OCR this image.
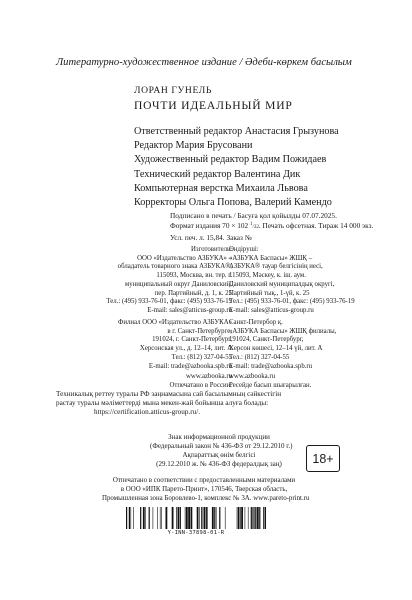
Литературно-художественное издание / Әдеби-көркем басылым
ЛОРАН ГУНЕЛЬ
ПОЧТИ ИДЕАЛЬНЫЙ МИР
Ответственный редактор Анастасия Грызунова
Редактор Мария Брусовани
Художественный редактор Вадим Пожидаев
Технический редактор Валентина Дик
Компьютерная верстка Михаила Львова
Корректоры Ольга Попова, Валерий Камендо
Подписано в печать / Басуға қол қойылды 07.07.2025.
Формат издания 70 × 102 $^1$/32. Печать офсетная. Тираж 14 000 экз.
Усл. печ. л. 15,84. Заказ №
Изготовитель:
ООО «Издательство АЗБУКА» –
обладатель товарного знака АЗБУКА®,
115093, Москва, вн. тер. г.
муниципальный округ Даниловский,
пер. Партийный, д. 1, к. 25
Тел.: (495) 933-76-01, факс: (495) 933-76-19
E-mail: sales@atticus-group.ru
Өндіруші:
«АЗБУКА Баспасы» ЖШҚ –
АЗБУКА® тауар белгісінің иесі,
115093, Мәскеу, к. іш. аум.
Даниловский муниципалдық округі,
Партийный тық., 1-үй, к. 25
Тел.: (495) 933-76-01, факс: (495) 933-76-19
E-mail: sales@atticus-group.ru
Филиал ООО «Издательство АЗБУКА»
в г. Санкт-Петербурге,
191024, г. Санкт-Петербург,
Херсонская ул., д. 12–14, лит. А
Тел.: (812) 327-04-55
E-mail: trade@azbooka.spb.ru
Санкт-Петербор қ.
«АЗБУКА Баспасы» ЖШҚ филиалы,
191024, Санкт-Петербург,
Херсон көшесі, 12–14 үй, лит. А
Тел.: (812) 327-04-55
E-mail: trade@azbooka.spb.ru
www.azbooka.ru
Отпечатано в России.
www.azbooka.ru
Ресейде басып шығарылған.
Техникалық реттеу туралы РФ заңнамасына сай басылымның сәйкестігін
растау туралы мәліметтерді мына мекен-жай бойынша алуға болады:
https://certification.atticus-group.ru/.
Знак информационной продукции
(Федеральный закон № 436-ФЗ от 29.12.2010 г.)
Ақпараттық өнім белгісі
(29.12.2010 ж. № 436-ФЗ федералдық заң)	18+
Отпечатано в соответствии с предоставленными материалами
в ООО «ИПК Парето-Принт», 170546, Тверская область,
Промышленная зона Боровлево-1, комплекс № 3А. www.pareto-print.ru
Y-INN-37898-01-R
